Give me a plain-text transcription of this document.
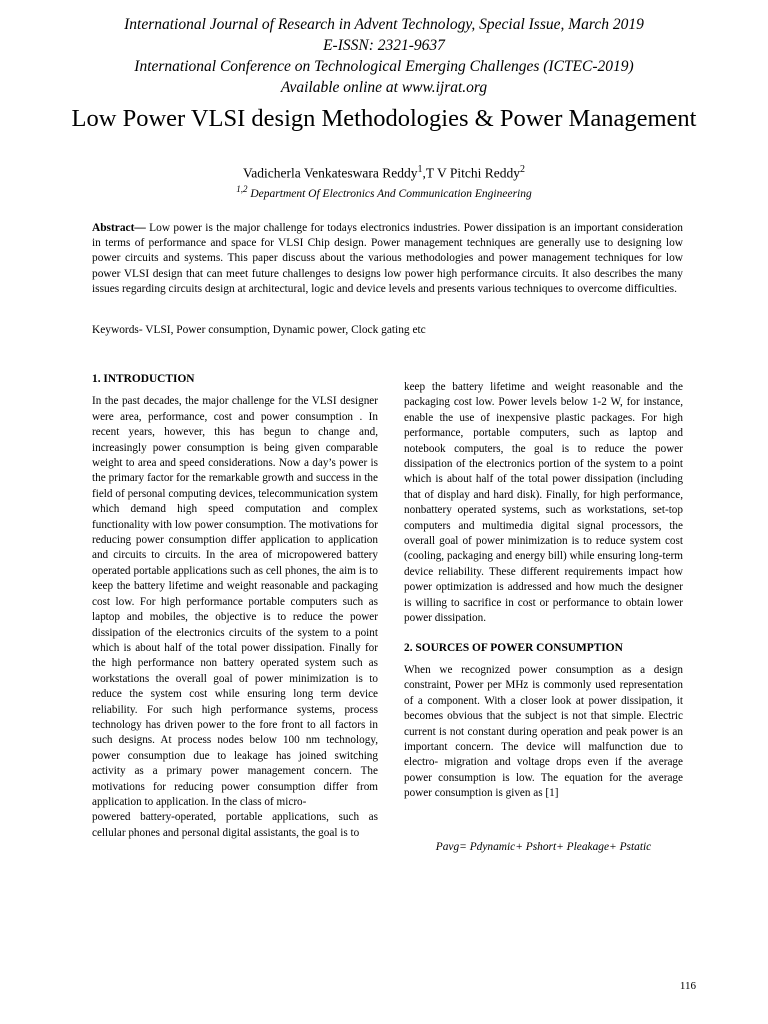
International Journal of Research in Advent Technology, Special Issue, March 2019
E-ISSN: 2321-9637
International Conference on Technological Emerging Challenges (ICTEC-2019)
Available online at www.ijrat.org
Low Power VLSI design Methodologies & Power Management
Vadicherla Venkateswara Reddy$^1$,T V Pitchi Reddy$^2$
$^{1,2}$ Department Of Electronics And Communication Engineering
Abstract— Low power is the major challenge for todays electronics industries. Power dissipation is an important consideration in terms of performance and space for VLSI Chip design. Power management techniques are generally use to designing low power circuits and systems. This paper discuss about the various methodologies and power management techniques for low power VLSI design that can meet future challenges to designs low power high performance circuits. It also describes the many issues regarding circuits design at architectural, logic and device levels and presents various techniques to overcome difficulties.
Keywords- VLSI, Power consumption, Dynamic power, Clock gating etc
1. INTRODUCTION

In the past decades, the major challenge for the VLSI designer were area, performance, cost and power consumption . In recent years, however, this has begun to change and, increasingly power consumption is being given comparable weight to area and speed considerations. Now a day’s power is the primary factor for the remarkable growth and success in the field of personal computing devices, telecommunication system which demand high speed computation and complex functionality with low power consumption. The motivations for reducing power consumption differ application to application and circuits to circuits. In the area of micropowered battery operated portable applications such as cell phones, the aim is to keep the battery lifetime and weight reasonable and packaging cost low. For high performance portable computers such as laptop and mobiles, the objective is to reduce the power dissipation of the electronics circuits of the system to a point which is about half of the total power dissipation. Finally for the high performance non battery operated system such as workstations the overall goal of power minimization is to reduce the system cost while ensuring long term device reliability. For such high performance systems, process technology has driven power to the fore front to all factors in such designs. At process nodes below 100 nm technology, power consumption due to leakage has joined switching activity as a primary power management concern. The motivations for reducing power consumption differ from application to application. In the class of micro-

powered battery-operated, portable applications, such as cellular phones and personal digital assistants, the goal is to

keep the battery lifetime and weight reasonable and the packaging cost low. Power levels below 1-2 W, for instance, enable the use of inexpensive plastic packages. For high performance, portable computers, such as laptop and notebook computers, the goal is to reduce the power dissipation of the electronics portion of the system to a point which is about half of the total power dissipation (including that of display and hard disk). Finally, for high performance, nonbattery operated systems, such as workstations, set-top computers and multimedia digital signal processors, the overall goal of power minimization is to reduce system cost (cooling, packaging and energy bill) while ensuring long-term device reliability. These different requirements impact how power optimization is addressed and how much the designer is willing to sacrifice in cost or performance to obtain lower power dissipation.

2. SOURCES OF POWER CONSUMPTION

When we recognized power consumption as a design constraint, Power per MHz is commonly used representation of a component. With a closer look at power dissipation, it becomes obvious that the subject is not that simple. Electric current is not constant during operation and peak power is an important concern. The device will malfunction due to electro- migration and voltage drops even if the average power consumption is low. The equation for the average power consumption is given as [1]

Pavg= Pdynamic+ Pshort+ Pleakage+ Pstatic
116
